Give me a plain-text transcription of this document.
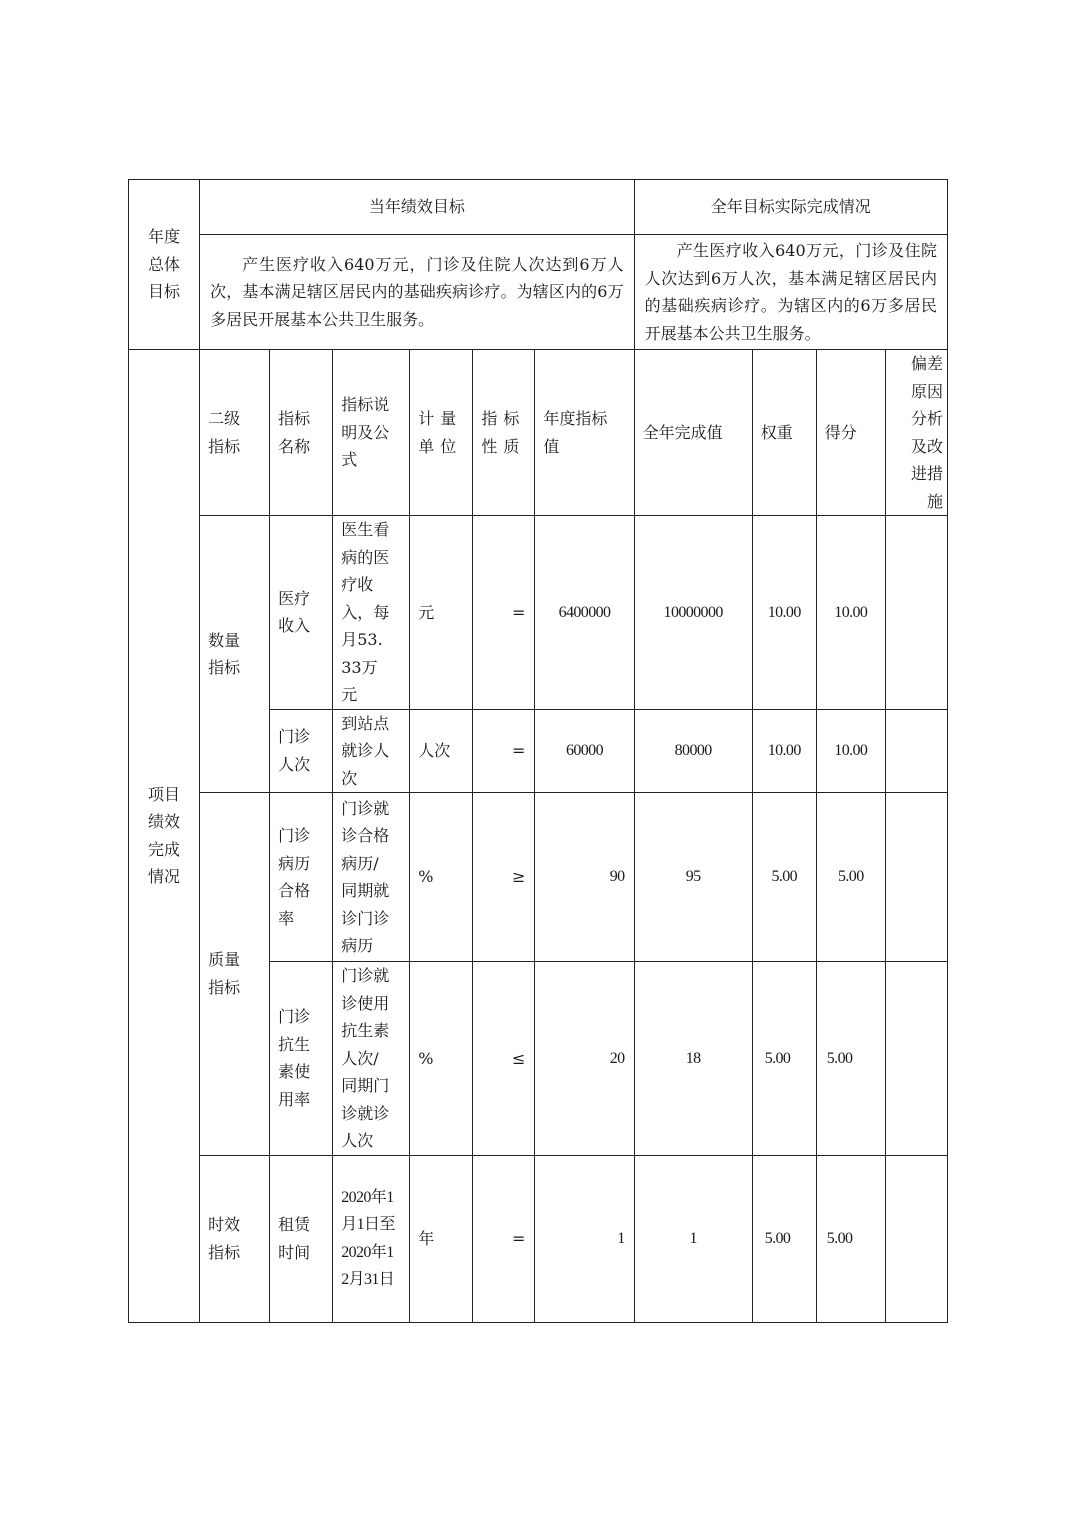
年度总体目标	当年绩效目标						全年目标实际完成情况			
	产生医疗收入640万元，门诊及住院人次达到6万人次，基本满足辖区居民内的基础疾病诊疗。为辖区内的6万多居民开展基本公共卫生服务。						产生医疗收入640万元，门诊及住院人次达到6万人次，基本满足辖区居民内的基础疾病诊疗。为辖区内的6万多居民开展基本公共卫生服务。			

项目绩效完成情况	二级指标	指标名称	指标说明及公式	计量单位	指标性质	年度指标值	全年完成值	权重	得分	偏差原因分析及改进措施

	数量指标	医疗收入	医生看病的医疗收入，每月53.33万元	元	=	6400000	10000000	10.00	10.00	

		门诊人次	到站点就诊人次	人次	=	60000	80000	10.00	10.00	

	质量指标	门诊病历合格率	门诊就诊合格病历/同期就诊门诊病历	%	≥	90	95	5.00	5.00	

		门诊抗生素使用率	门诊就诊使用抗生素人次/同期门诊就诊人次	%	≤	20	18	5.00	5.00	

	时效指标	租赁时间	2020年1月1日至2020年12月31日	年	=	1	1	5.00	5.00	
